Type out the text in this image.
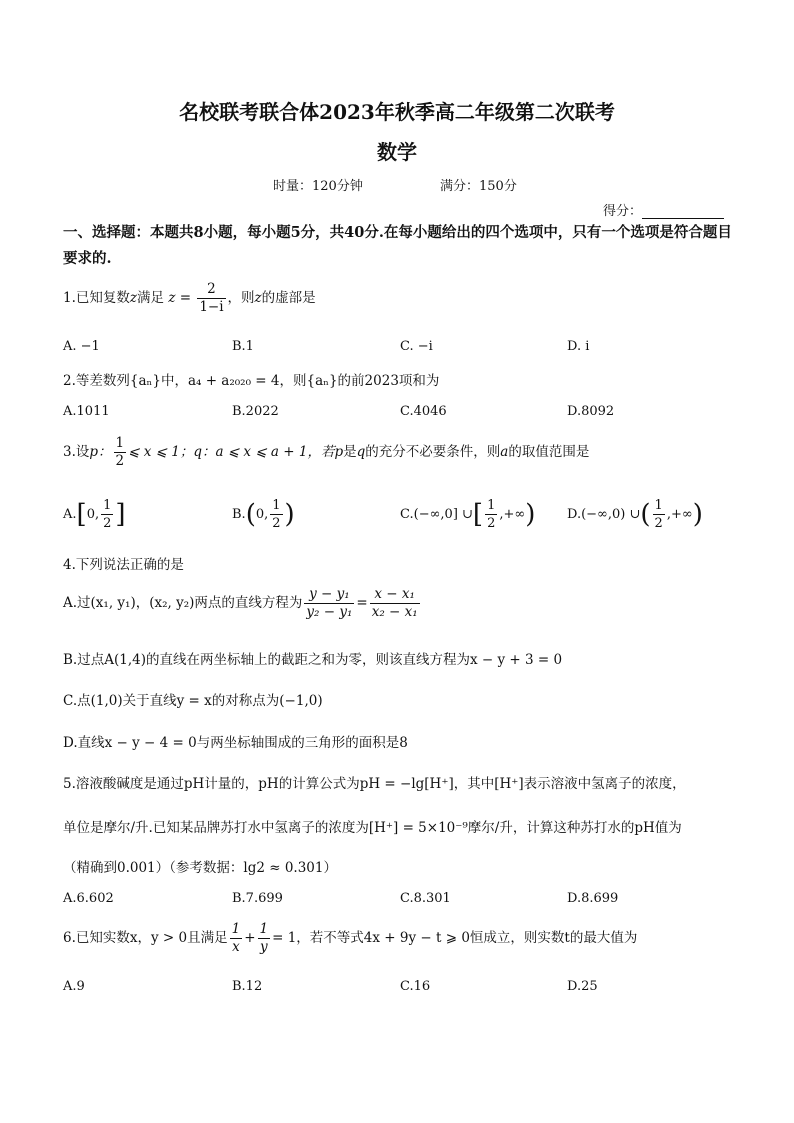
名校联考联合体2023年秋季高二年级第二次联考
数学
时量：120分钟	满分：150分
得分：
一、选择题：本题共8小题，每小题5分，共40分.在每小题给出的四个选项中，只有一个选项是符合题目要求的.
1.已知复数z满足 $z = \frac{2}{1-i}$ ，则z的虚部是
A. −1	B.1	C. −i	D. i
2.等差数列{aₙ}中，a₄ + a₂₀₂₀ = 4，则{aₙ}的前2023项和为
A.1011	B.2022	C.4046	D.8092
3.设p： $\frac{1}{2}$ ⩽ x ⩽ 1；q：a ⩽ x ⩽ a + 1，若p是q的充分不必要条件，则a的取值范围是
A.[0, $\frac{1}{2}$ ]	B.(0, $\frac{1}{2}$ )	C.(−∞,0] ∪[ $\frac{1}{2}$ ,+∞) D.(−∞,0) ∪( $\frac{1}{2}$ ,+∞)
4.下列说法正确的是
A.过(x₁, y₁)，(x₂, y₂)两点的直线方程为 $\frac{\text{y − y₁}}{\text{y₂ − y₁}} = \frac{\text{x − x₁}}{\text{x₂ − x₁}}$
B.过点A(1,4)的直线在两坐标轴上的截距之和为零，则该直线方程为x − y + 3 = 0
C.点(1,0)关于直线y = x的对称点为(−1,0)
D.直线x − y − 4 = 0与两坐标轴围成的三角形的面积是8
5.溶液酸碱度是通过pH计量的，pH的计算公式为pH = −lg[H⁺]，其中[H⁺]表示溶液中氢离子的浓度，
单位是摩尔/升.已知某品牌苏打水中氢离子的浓度为[H⁺] = 5×10⁻⁹摩尔/升，计算这种苏打水的pH值为
（精确到0.001）（参考数据：lg2 ≈ 0.301）
A.6.602	B.7.699	C.8.301	D.8.699
6.已知实数x，y > 0且满足 $\frac{1}{x} + \frac{1}{y} = 1$，若不等式4x + 9y − t ⩾ 0恒成立，则实数t的最大值为
A.9	B.12	C.16	D.25
